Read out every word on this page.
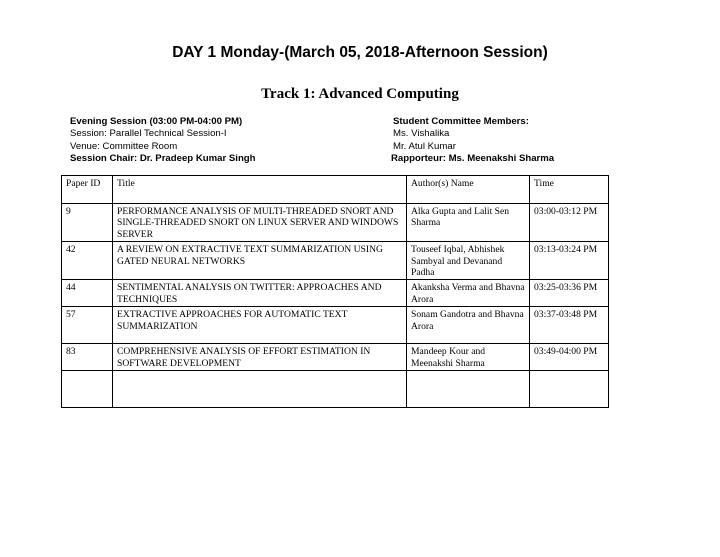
DAY 1 Monday-(March 05, 2018-Afternoon Session)
Track 1: Advanced Computing
Evening Session (03:00 PM-04:00 PM)
Session: Parallel Technical Session-I
Venue: Committee Room
Session Chair: Dr. Pradeep Kumar Singh
Student Committee Members:
Ms. Vishalika
Mr. Atul Kumar
Rapporteur: Ms. Meenakshi Sharma
Paper ID	Title	Author(s) Name	Time
9	PERFORMANCE ANALYSIS OF MULTI-THREADED SNORT AND SINGLE-THREADED SNORT ON LINUX SERVER AND WINDOWS SERVER	Alka Gupta and Lalit Sen Sharma	03:00-03:12 PM
42	A REVIEW ON EXTRACTIVE TEXT SUMMARIZATION USING GATED NEURAL NETWORKS	Touseef Iqbal, Abhishek Sambyal and Devanand Padha	03:13-03:24 PM
44	SENTIMENTAL ANALYSIS ON TWITTER: APPROACHES AND TECHNIQUES	Akanksha Verma and Bhavna Arora	03:25-03:36 PM
57	EXTRACTIVE APPROACHES FOR AUTOMATIC TEXT SUMMARIZATION	Sonam Gandotra and Bhavna Arora	03:37-03:48 PM
83	COMPREHENSIVE ANALYSIS OF EFFORT ESTIMATION IN SOFTWARE DEVELOPMENT	Mandeep Kour and Meenakshi Sharma	03:49-04:00 PM
